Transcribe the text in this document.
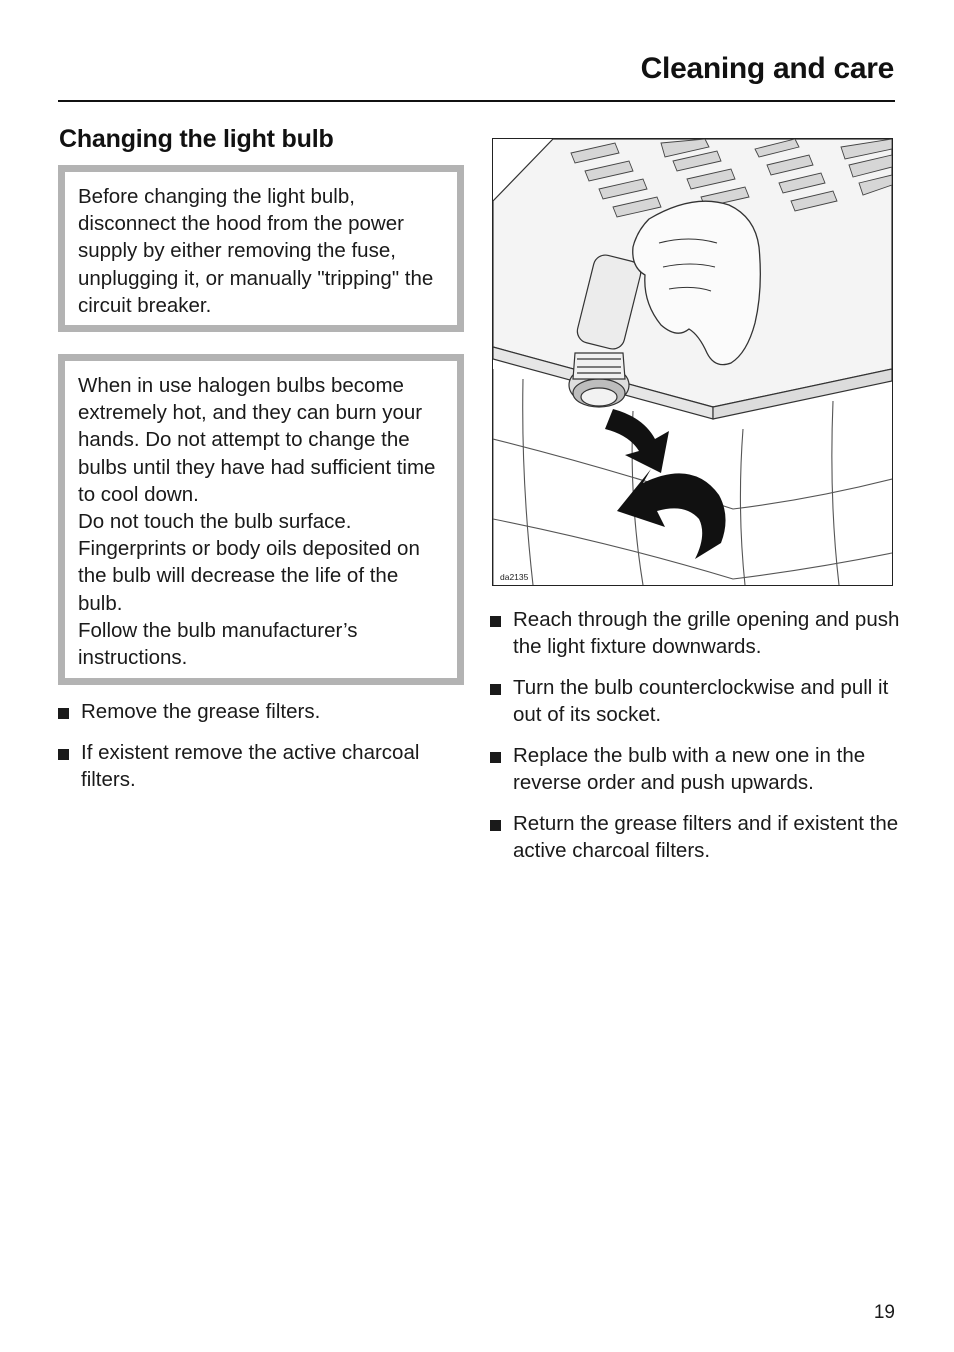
Cleaning and care
Changing the light bulb

Before changing the light bulb, disconnect the hood from the power supply by either removing the fuse, unplugging it, or manually "tripping" the circuit breaker.

When in use halogen bulbs become extremely hot, and they can burn your hands. Do not attempt to change the bulbs until they have had sufficient time to cool down.

Do not touch the bulb surface. Fingerprints or body oils deposited on the bulb will decrease the life of the bulb.

Follow the bulb manufacturer’s instructions.

Remove the grease filters.
If existent remove the active charcoal filters.
da2135
Reach through the grille opening and push the light fixture downwards.
Turn the bulb counterclockwise and pull it out of its socket.
Replace the bulb with a new one in the reverse order and push upwards.
Return the grease filters and if existent the active charcoal filters.
19
